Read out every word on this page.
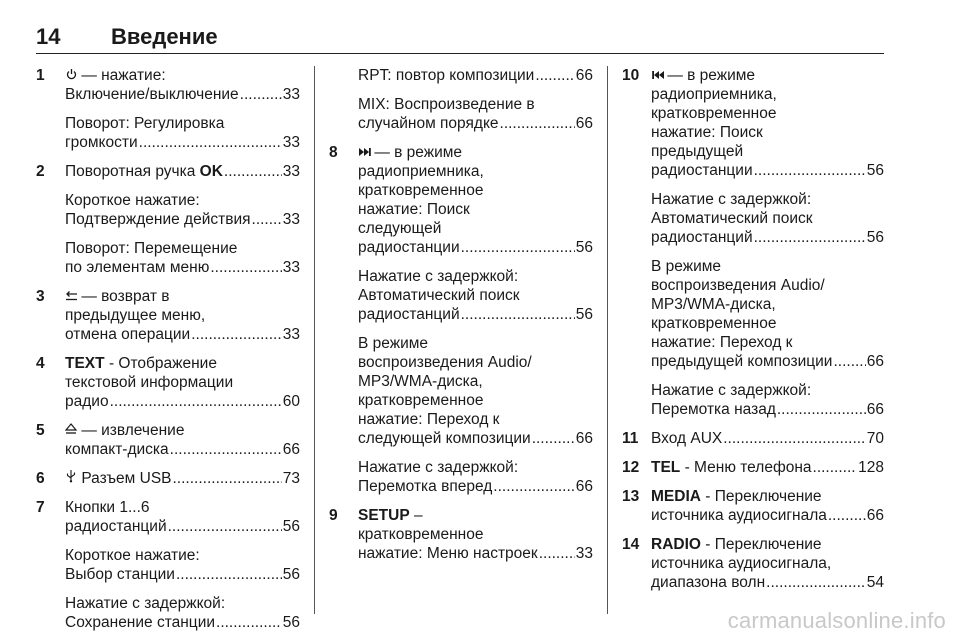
14 Введение
1	— нажатие:
Включение/выключение .....	33
Поворот: Регулировка
громкости .....	33
2 Поворотная ручка OK .....	33
Короткое нажатие:
Подтверждение действия ..... 33
Поворот: Перемещение
по элементам меню .....	33
3	— возврат в
предыдущее меню,
отмена операции .....	33
4 TEXT - Отображение
текстовой информации
радио .....	60
5	— извлечение
компакт-диска .....	66
6	Разъем USB .....	73
7 Кнопки 1...6
радиостанций .....	56
Короткое нажатие:
Выбор станции .....	56
Нажатие с задержкой:
Сохранение станции .....	56
RPT: повтор композиции .....	66
MIX: Воспроизведение в
случайном порядке .....	66
8	— в режиме
радиоприемника,
кратковременное
нажатие: Поиск
следующей
радиостанции .....	56
Нажатие с задержкой:
Автоматический поиск
радиостанций .....	56
В режиме
воспроизведения Audio/
MP3/WMA-диска,
кратковременное
нажатие: Переход к
следующей композиции .....	66
Нажатие с задержкой:
Перемотка вперед .....	66
9 SETUP –
кратковременное
нажатие: Меню настроек ..... 33
10	— в режиме
радиоприемника,
кратковременное
нажатие: Поиск
предыдущей
радиостанции .....	56
Нажатие с задержкой:
Автоматический поиск
радиостанций .....	56
В режиме
воспроизведения Audio/
MP3/WMA-диска,
кратковременное
нажатие: Переход к
предыдущей композиции ..... 66
Нажатие с задержкой:
Перемотка назад .....	66
11 Вход AUX .....	70
12 TEL - Меню телефона .....	128
13 MEDIA - Переключение
источника аудиосигнала .....	66
14 RADIO - Переключение
источника аудиосигнала,
диапазона волн .....	54
carmanualsonline.info
